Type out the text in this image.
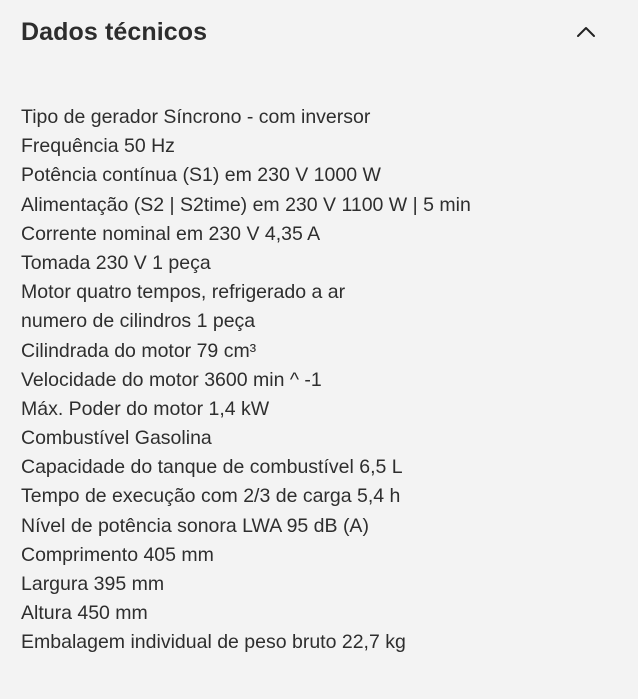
Dados técnicos
Tipo de gerador Síncrono - com inversor
Frequência 50 Hz
Potência contínua (S1) em 230 V 1000 W
Alimentação (S2 | S2time) em 230 V 1100 W | 5 min
Corrente nominal em 230 V 4,35 A
Tomada 230 V 1 peça
Motor quatro tempos, refrigerado a ar
numero de cilindros 1 peça
Cilindrada do motor 79 cm³
Velocidade do motor 3600 min ^ -1
Máx. Poder do motor 1,4 kW
Combustível Gasolina
Capacidade do tanque de combustível 6,5 L
Tempo de execução com 2/3 de carga 5,4 h
Nível de potência sonora LWA 95 dB (A)
Comprimento 405 mm
Largura 395 mm
Altura 450 mm
Embalagem individual de peso bruto 22,7 kg
